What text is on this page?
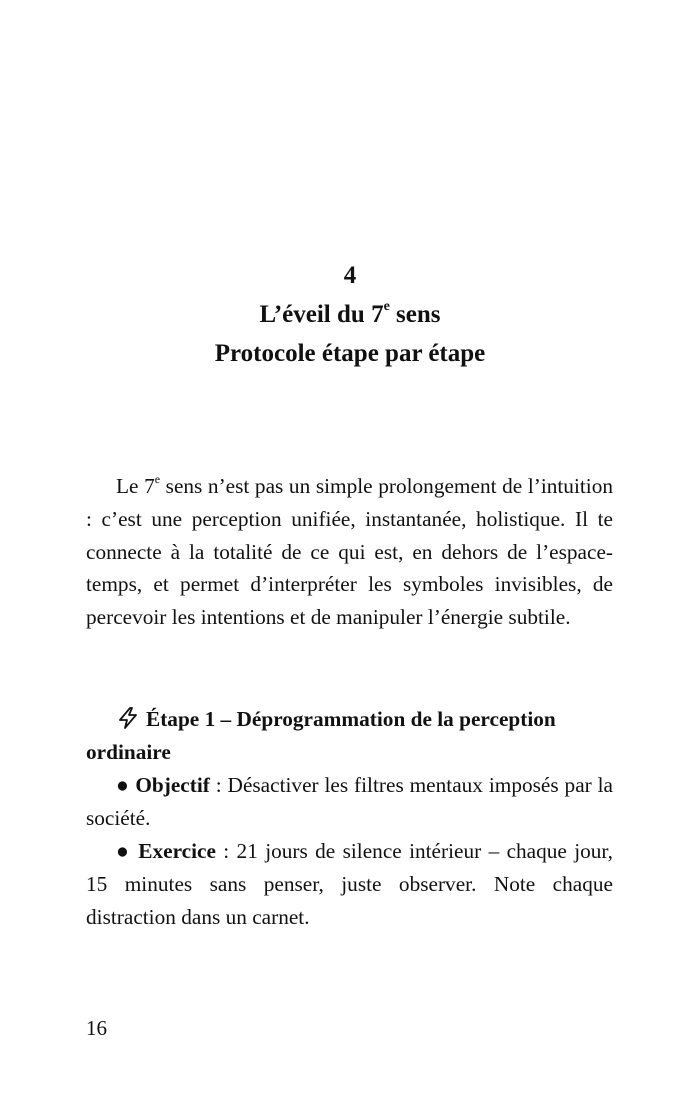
4
L’éveil du 7e sens
Protocole étape par étape

Le 7e sens n’est pas un simple prolongement de l’intuition : c’est une perception unifiée, instantanée, holistique. Il te connecte à la totalité de ce qui est, en dehors de l’espace-temps, et permet d’interpréter les symboles invisibles, de percevoir les intentions et de manipuler l’énergie subtile.

Étape 1 – Déprogrammation de la perception ordinaire

● Objectif : Désactiver les filtres mentaux imposés par la société.

● Exercice : 21 jours de silence intérieur – chaque jour, 15 minutes sans penser, juste observer. Note chaque distraction dans un carnet.

16
